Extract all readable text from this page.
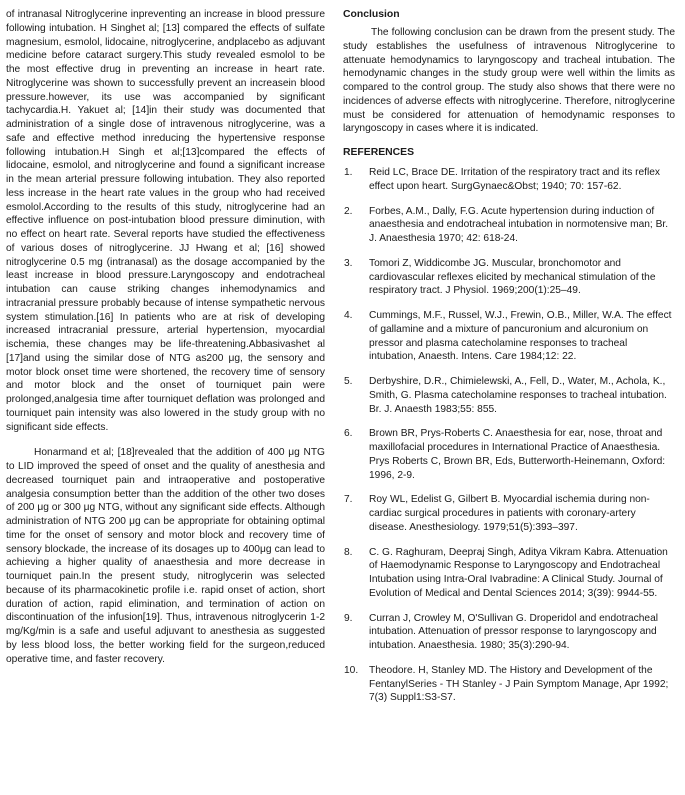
of intranasal Nitroglycerine inpreventing an increase in blood pressure following intubation. H Singhet al; [13] compared the effects of sulfate magnesium, esmolol, lidocaine, nitroglycerine, andplacebo as adjuvant medicine before cataract surgery.This study revealed esmolol to be the most effective drug in preventing an increase in heart rate. Nitroglycerine was shown to successfully prevent an increasein blood pressure.however, its use was accompanied by significant tachycardia.H. Yakuet al; [14]in their study was documented that administration of a single dose of intravenous nitroglycerine, was a safe and effective method inreducing the hypertensive response following intubation.H Singh et al;[13]compared the effects of lidocaine, esmolol, and nitroglycerine and found a significant increase in the mean arterial pressure following intubation. They also reported less increase in the heart rate values in the group who had received esmolol.According to the results of this study, nitroglycerine had an effective influence on post-intubation blood pressure diminution, with no effect on heart rate. Several reports have studied the effectiveness of various doses of nitroglycerine. JJ Hwang et al; [16] showed nitroglycerine 0.5 mg (intranasal) as the dosage accompanied by the least increase in blood pressure.Laryngoscopy and endotracheal intubation can cause striking changes inhemodynamics and intracranial pressure probably because of intense sympathetic nervous system stimulation.[16] In patients who are at risk of developing increased intracranial pressure, arterial hypertension, myocardial ischemia, these changes may be life-threatening.Abbasivashet al [17]and using the similar dose of NTG as200 μg, the sensory and motor block onset time were shortened, the recovery time of sensory and motor block and the onset of tourniquet pain were prolonged,analgesia time after tourniquet deflation was prolonged and tourniquet pain intensity was also lowered in the study group with no significant side effects.

Honarmand et al; [18]revealed that the addition of 400 μg NTG to LID improved the speed of onset and the quality of anesthesia and decreased tourniquet pain and intraoperative and postoperative analgesia consumption better than the addition of the other two doses of 200 μg or 300 μg NTG, without any significant side effects. Although administration of NTG 200 μg can be appropriate for obtaining optimal time for the onset of sensory and motor block and recovery time of sensory blockade, the increase of its dosages up to 400μg can lead to achieving a higher quality of anaesthesia and more decrease in tourniquet pain.In the present study, nitroglycerin was selected because of its pharmacokinetic profile i.e. rapid onset of action, short duration of action, rapid elimination, and termination of action on discontinuation of the infusion[19]. Thus, intravenous nitroglycerin 1-2 mg/Kg/min is a safe and useful adjuvant to anesthesia as suggested by less blood loss, the better working field for the surgeon,reduced operative time, and faster recovery.

Conclusion

The following conclusion can be drawn from the present study. The study establishes the usefulness of intravenous Nitroglycerine to attenuate hemodynamics to laryngoscopy and tracheal intubation. The hemodynamic changes in the study group were well within the limits as compared to the control group. The study also shows that there were no incidences of adverse effects with nitroglycerine. Therefore, nitroglycerine must be considered for attenuation of hemodynamic responses to laryngoscopy in cases where it is indicated.

REFERENCES
1. Reid LC, Brace DE. Irritation of the respiratory tract and its reflex effect upon heart. SurgGynaec&Obst; 1940; 70: 157-62.
2. Forbes, A.M., Dally, F.G. Acute hypertension during induction of anaesthesia and endotracheal intubation in normotensive man; Br. J. Anaesthesia 1970; 42: 618-24.
3. Tomori Z, Widdicombe JG. Muscular, bronchomotor and cardiovascular reflexes elicited by mechanical stimulation of the respiratory tract. J Physiol. 1969;200(1):25–49.
4. Cummings, M.F., Russel, W.J., Frewin, O.B., Miller, W.A. The effect of gallamine and a mixture of pancuronium and alcuronium on pressor and plasma catecholamine responses to tracheal intubation, Anaesth. Intens. Care 1984;12: 22.
5. Derbyshire, D.R., Chimielewski, A., Fell, D., Water, M., Achola, K., Smith, G. Plasma catecholamine responses to tracheal intubation. Br. J. Anaesth 1983;55: 855.
6. Brown BR, Prys-Roberts C. Anaesthesia for ear, nose, throat and maxillofacial procedures in International Practice of Anaesthesia. Prys Roberts C, Brown BR, Eds, Butterworth-Heinemann, Oxford: 1996, 2-9.
7. Roy WL, Edelist G, Gilbert B. Myocardial ischemia during non-cardiac surgical procedures in patients with coronary-artery disease. Anesthesiology. 1979;51(5):393–397.
8. C. G. Raghuram, Deepraj Singh, Aditya Vikram Kabra. Attenuation of Haemodynamic Response to Laryngoscopy and Endotracheal Intubation using Intra-Oral Ivabradine: A Clinical Study. Journal of Evolution of Medical and Dental Sciences 2014; 3(39): 9944-55.
9. Curran J, Crowley M, O'Sullivan G. Droperidol and endotracheal intubation. Attenuation of pressor response to laryngoscopy and intubation. Anaesthesia. 1980; 35(3):290-94.
10. Theodore. H, Stanley MD. The History and Development of the FentanylSeries - TH Stanley - J Pain Symptom Manage, Apr 1992; 7(3) Suppl1:S3-S7.
